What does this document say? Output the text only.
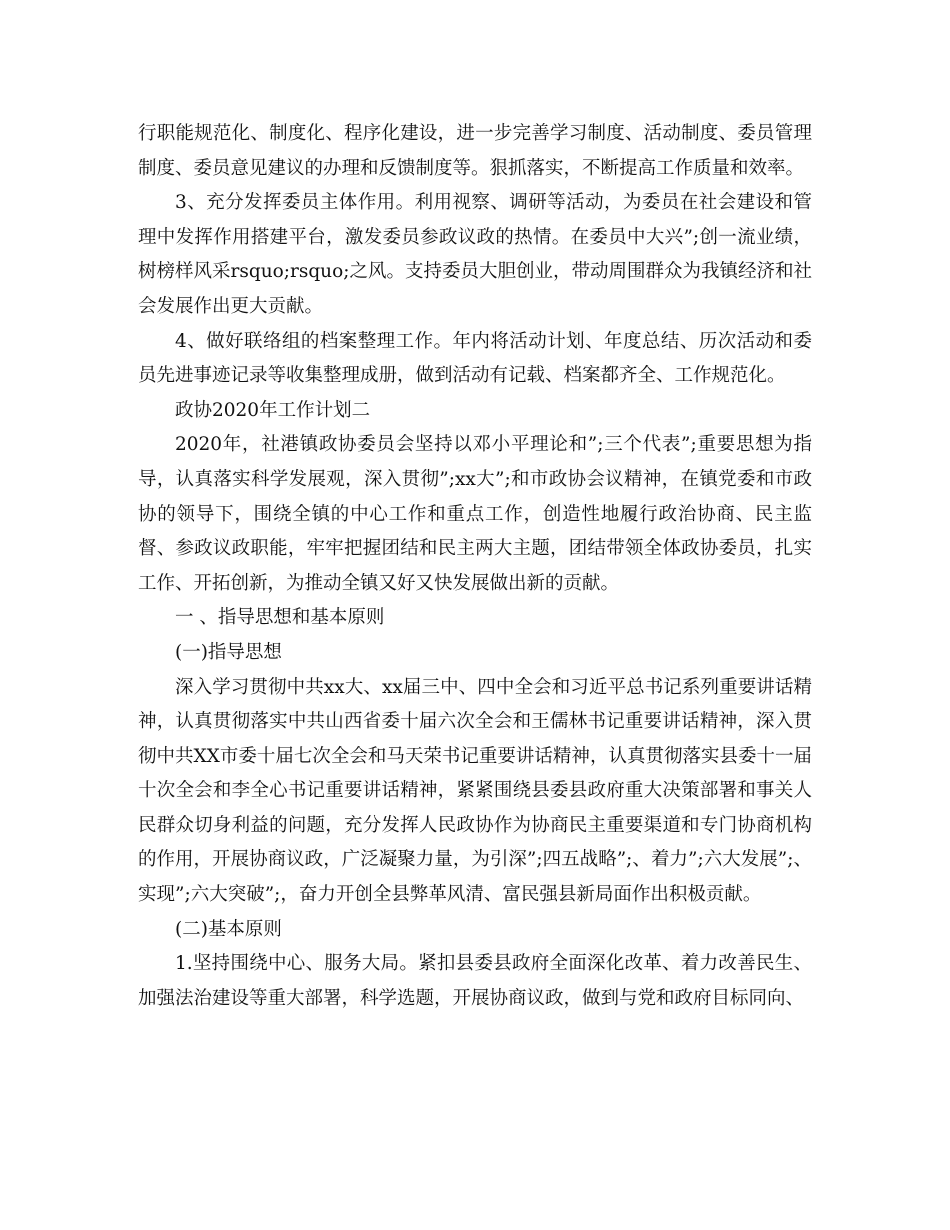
行职能规范化、制度化、程序化建设，进一步完善学习制度、活动制度、委员管理制度、委员意见建议的办理和反馈制度等。狠抓落实，不断提高工作质量和效率。

3、充分发挥委员主体作用。利用视察、调研等活动，为委员在社会建设和管理中发挥作用搭建平台，激发委员参政议政的热情。在委员中大兴”;创一流业绩，树榜样风采rsquo;rsquo;之风。支持委员大胆创业，带动周围群众为我镇经济和社会发展作出更大贡献。

4、做好联络组的档案整理工作。年内将活动计划、年度总结、历次活动和委员先进事迹记录等收集整理成册，做到活动有记载、档案都齐全、工作规范化。

政协2020年工作计划二

2020年，社港镇政协委员会坚持以邓小平理论和”;三个代表”;重要思想为指导，认真落实科学发展观，深入贯彻”;xx大”;和市政协会议精神，在镇党委和市政协的领导下，围绕全镇的中心工作和重点工作，创造性地履行政治协商、民主监督、参政议政职能，牢牢把握团结和民主两大主题，团结带领全体政协委员，扎实工作、开拓创新，为推动全镇又好又快发展做出新的贡献。

一 、指导思想和基本原则

(一)指导思想

深入学习贯彻中共xx大、xx届三中、四中全会和习近平总书记系列重要讲话精神，认真贯彻落实中共山西省委十届六次全会和王儒林书记重要讲话精神，深入贯彻中共XX市委十届七次全会和马天荣书记重要讲话精神，认真贯彻落实县委十一届十次全会和李全心书记重要讲话精神，紧紧围绕县委县政府重大决策部署和事关人民群众切身利益的问题，充分发挥人民政协作为协商民主重要渠道和专门协商机构的作用，开展协商议政，广泛凝聚力量，为引深”;四五战略”;、着力”;六大发展”;、实现”;六大突破”;，奋力开创全县弊革风清、富民强县新局面作出积极贡献。

(二)基本原则

1.坚持围绕中心、服务大局。紧扣县委县政府全面深化改革、着力改善民生、加强法治建设等重大部署，科学选题，开展协商议政，做到与党和政府目标同向、
